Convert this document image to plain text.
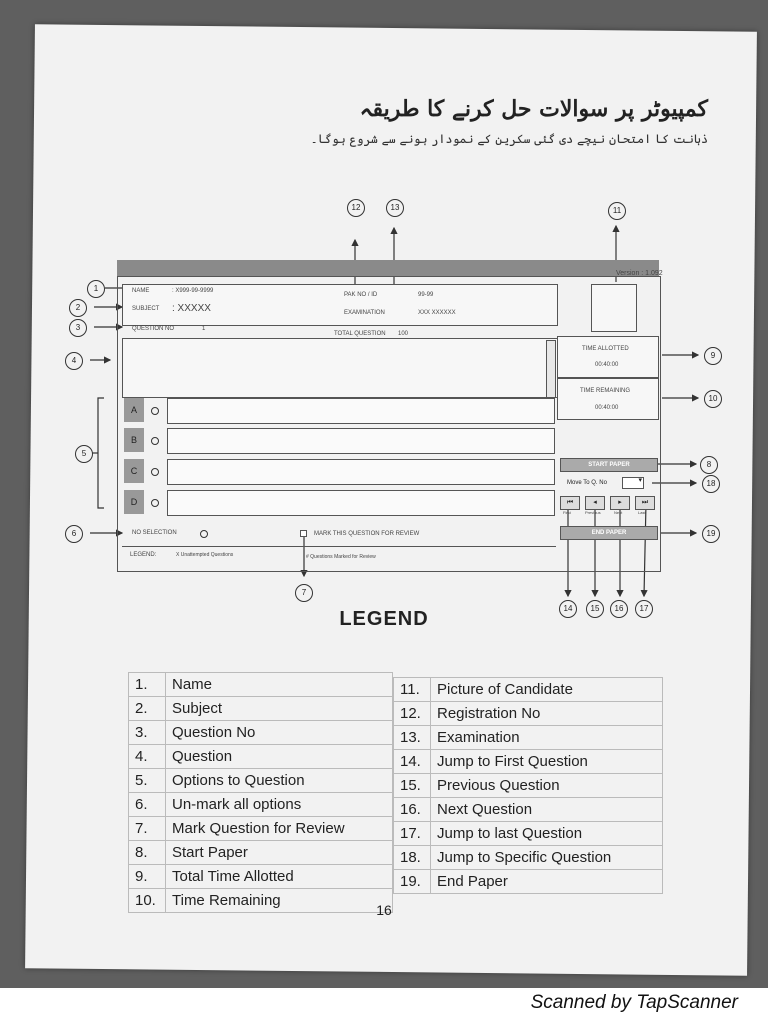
کمپیوٹر پر سوالات حل کرنے کا طریقہ
ذہانت کا امتحان نیچے دی گئی سکرین کے نمودار ہونے سے شروع ہوگا۔
Version : 1.092
NAME	: X999-99-9999
SUBJECT : XXXXX
PAK NO / ID	99-99
EXAMINATION	XXX XXXXXX
QUESTION NO	1
TOTAL QUESTION 100
TIME ALLOTTED
00:40:00
TIME REMAINING
00:40:00
A
B
C
D
START PAPER
Move To Q. No	▾
⏮	◂	▸	⏭
First	Previous	Next	Last
END PAPER
NO SELECTION	MARK THIS QUESTION FOR REVIEW
LEGEND:	X Unattempted Questions	# Questions Marked for Review
1
2
3
4
5
6
7
8
9
10
11
12	13
14	15	16	17
18
19
LEGEND
1.	Name
2.	Subject
3.	Question No
4.	Question
5.	Options to Question
6.	Un-mark all options
7.	Mark Question for Review
8.	Start Paper
9.	Total Time Allotted
10.	Time Remaining
11.	Picture of Candidate
12.	Registration No
13.	Examination
14.	Jump to First Question
15.	Previous Question
16.	Next Question
17.	Jump to last Question
18.	Jump to Specific Question
19.	End Paper
16
Scanned by TapScanner
